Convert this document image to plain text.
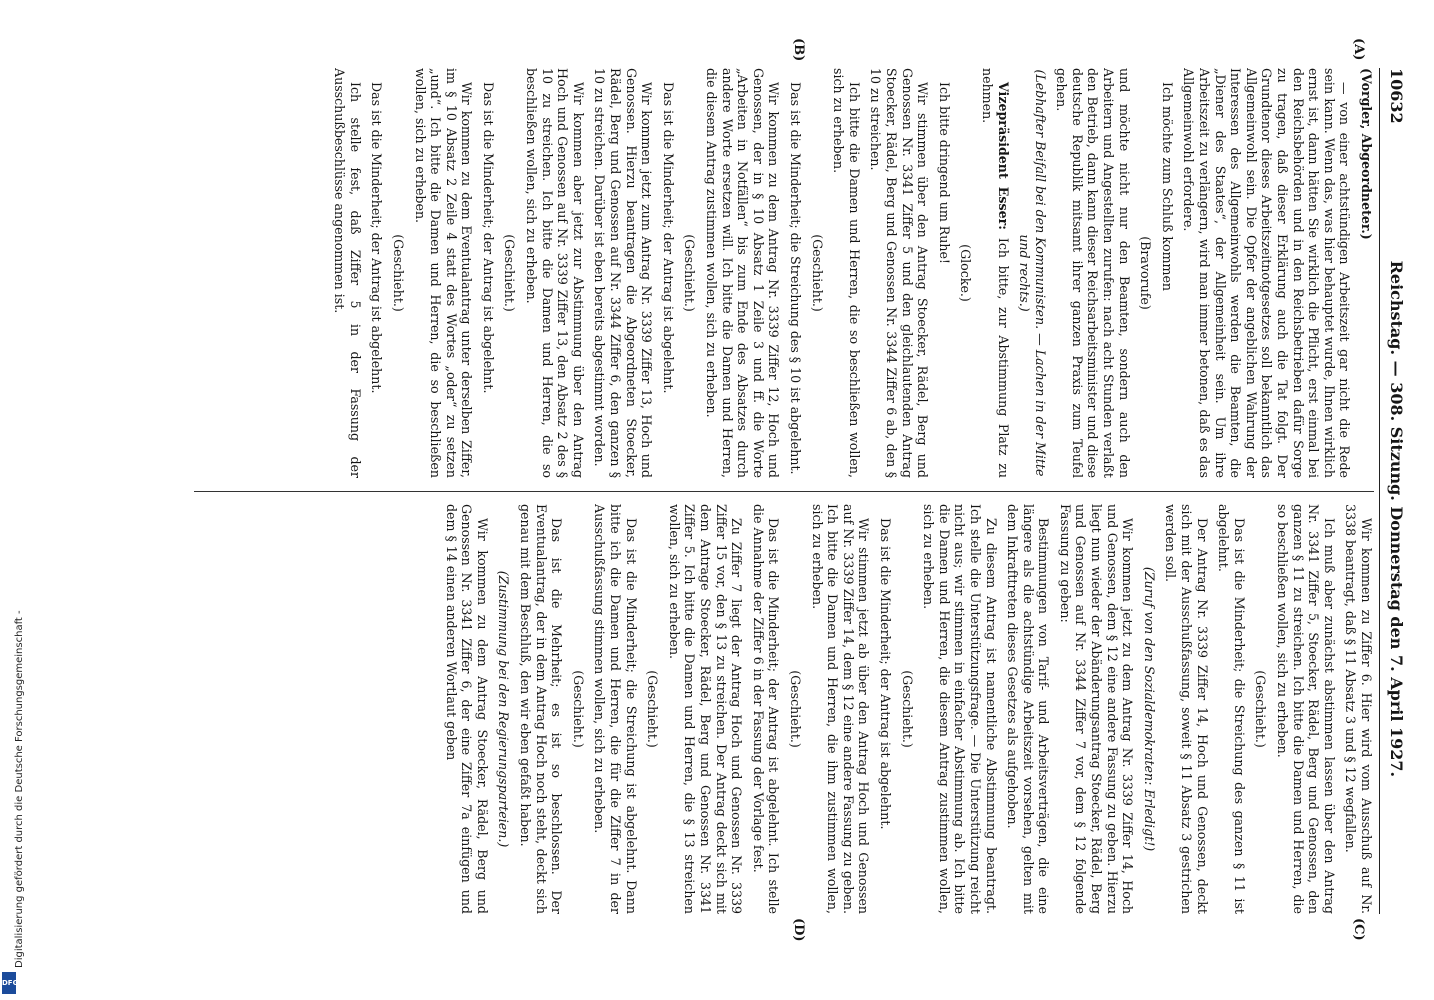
10632
Reichstag. — 308. Sitzung. Donnerstag den 7. April 1927.

(Vorgler, Abgeordneter.)

— von einer achtstündigen Arbeitszeit gar nicht die Rede sein kann. Wenn das, was hier behauptet wurde, Ihnen wirklich ernst ist, dann hätten Sie wirklich die Pflicht, erst einmal bei den Reichsbehörden und in den Reichsbetrieben dafür Sorge zu tragen, daß dieser Erklärung auch die Tat folgt. Der Grundtenor dieses Arbeitszeitnotgesetzes soll bekanntlich das Allgemeinwohl sein. Die Opfer der angeblichen Wahrung der Interessen des Allgemeinwohls werden die Beamten, die „Diener des Staates“, der Allgemeinheit sein. Um ihre Arbeitszeit zu verlängern, wird man immer betonen, daß es das Allgemeinwohl erfordere.

Ich möchte zum Schluß kommen

(Bravorufe)

und möchte nicht nur den Beamten, sondern auch den Arbeitern und Angestellten zurufen: nach acht Stunden verlaßt den Betrieb, dann kann dieser Reichsarbeitsminister und diese deutsche Republik mitsamt ihrer ganzen Praxis zum Teufel gehen.

(Lebhafter Beifall bei den Kommunisten. — Lachen in der Mitte und rechts.)

Vizepräsident Esser: Ich bitte, zur Abstimmung Platz zu nehmen.

(Glocke.)

Ich bitte dringend um Ruhe!

Wir stimmen über den Antrag Stoecker, Rädel, Berg und Genossen Nr. 3341 Ziffer 5 und den gleichlautenden Antrag Stoecker, Rädel, Berg und Genossen Nr. 3344 Ziffer 6 ab, den § 10 zu streichen.

Ich bitte die Damen und Herren, die so beschließen wollen, sich zu erheben.

(Geschieht.)

Das ist die Minderheit; die Streichung des § 10 ist abgelehnt.

Wir kommen zu dem Antrag Nr. 3339 Ziffer 12, Hoch und Genossen, der in § 10 Absatz 1 Zeile 3 und ff. die Worte „Arbeiten in Notfällen“ bis zum Ende des Absatzes durch andere Worte ersetzen will. Ich bitte die Damen und Herren, die diesem Antrag zustimmen wollen, sich zu erheben.

(Geschieht.)

Das ist die Minderheit; der Antrag ist abgelehnt.

Wir kommen jetzt zum Antrag Nr. 3339 Ziffer 13, Hoch und Genossen. Hierzu beantragen die Abgeordneten Stoecker, Rädel, Berg und Genossen auf Nr. 3344 Ziffer 6, den ganzen § 10 zu streichen. Darüber ist eben bereits abgestimmt worden.

Wir kommen aber jetzt zur Abstimmung über den Antrag Hoch und Genossen auf Nr. 3339 Ziffer 13, den Absatz 2 des § 10 zu streichen. Ich bitte die Damen und Herren, die so beschließen wollen, sich zu erheben.

(Geschieht.)

Das ist die Minderheit; der Antrag ist abgelehnt.

Wir kommen zu dem Eventualantrag unter derselben Ziffer, im § 10 Absatz 2 Zeile 4 statt des Wortes „oder“ zu setzen „und“. Ich bitte die Damen und Herren, die so beschließen wollen, sich zu erheben.

(Geschieht.)

Das ist die Minderheit; der Antrag ist abgelehnt.

Ich stelle fest, daß Ziffer 5 in der Fassung der Ausschußbeschlüsse angenommen ist.

Wir kommen zu Ziffer 6. Hier wird vom Ausschuß auf Nr. 3338 beantragt, daß § 11 Absatz 3 und § 12 wegfallen.

Ich muß aber zunächst abstimmen lassen über den Antrag Nr. 3341 Ziffer 5, Stoecker, Rädel, Berg und Genossen, den ganzen § 11 zu streichen. Ich bitte die Damen und Herren, die so beschließen wollen, sich zu erheben.

(Geschieht.)

Das ist die Minderheit; die Streichung des ganzen § 11 ist abgelehnt.

Der Antrag Nr. 3339 Ziffer 14, Hoch und Genossen, deckt sich mit der Ausschußfassung, soweit § 11 Absatz 3 gestrichen werden soll.

(Zuruf von den Sozialdemokraten: Erledigt!)

Wir kommen jetzt zu dem Antrag Nr. 3339 Ziffer 14, Hoch und Genossen, dem § 12 eine andere Fassung zu geben. Hierzu liegt nun wieder der Abänderungsantrag Stoecker, Rädel, Berg und Genossen auf Nr. 3344 Ziffer 7 vor, dem § 12 folgende Fassung zu geben:

Bestimmungen von Tarif- und Arbeitsverträgen, die eine längere als die achtstündige Arbeitszeit vorsehen, gelten mit dem Inkrafttreten dieses Gesetzes als aufgehoben.

Zu diesem Antrag ist namentliche Abstimmung beantragt. Ich stelle die Unterstützungsfrage. — Die Unterstützung reicht nicht aus; wir stimmen in einfacher Abstimmung ab. Ich bitte die Damen und Herren, die diesem Antrag zustimmen wollen, sich zu erheben.

(Geschieht.)

Das ist die Minderheit; der Antrag ist abgelehnt.

Wir stimmen jetzt ab über den Antrag Hoch und Genossen auf Nr. 3339 Ziffer 14, dem § 12 eine andere Fassung zu geben. Ich bitte die Damen und Herren, die ihm zustimmen wollen, sich zu erheben.

(Geschieht.)

Das ist die Minderheit; der Antrag ist abgelehnt. Ich stelle die Annahme der Ziffer 6 in der Fassung der Vorlage fest.

Zu Ziffer 7 liegt der Antrag Hoch und Genossen Nr. 3339 Ziffer 15 vor, den § 13 zu streichen. Der Antrag deckt sich mit dem Antrage Stoecker, Rädel, Berg und Genossen Nr. 3341 Ziffer 5. Ich bitte die Damen und Herren, die § 13 streichen wollen, sich zu erheben.

(Geschieht.)

Das ist die Minderheit; die Streichung ist abgelehnt. Dann bitte ich die Damen und Herren, die für die Ziffer 7 in der Ausschußfassung stimmen wollen, sich zu erheben.

(Geschieht.)

Das ist die Mehrheit; es ist so beschlossen. Der Eventualantrag, der in dem Antrag Hoch noch steht, deckt sich genau mit dem Beschluß, den wir eben gefaßt haben.

(Zustimmung bei den Regierungsparteien.)

Wir kommen zu dem Antrag Stoecker, Rädel, Berg und Genossen Nr. 3341 Ziffer 6, der eine Ziffer 7a einfügen und dem § 14 einen anderen Wortlaut geben

(A)
(B)
(C)
(D)
Digitalisierung gefördert durch die Deutsche Forschungsgemeinschaft -
DFG
